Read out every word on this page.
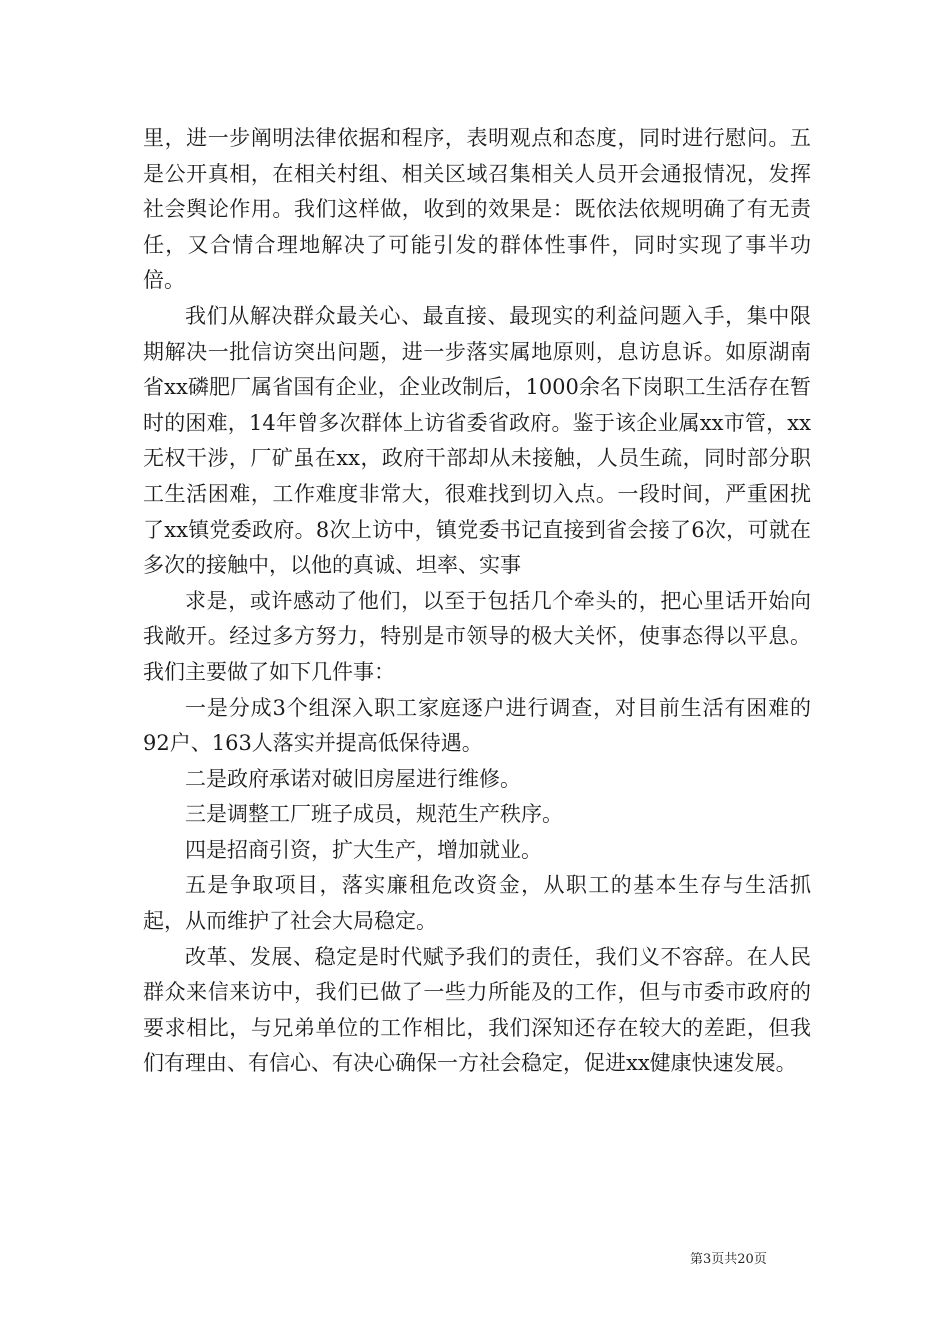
里，进一步阐明法律依据和程序，表明观点和态度，同时进行慰问。五是公开真相，在相关村组、相关区域召集相关人员开会通报情况，发挥社会舆论作用。我们这样做，收到的效果是：既依法依规明确了有无责任，又合情合理地解决了可能引发的群体性事件，同时实现了事半功倍。

我们从解决群众最关心、最直接、最现实的利益问题入手，集中限期解决一批信访突出问题，进一步落实属地原则，息访息诉。如原湖南省xx磷肥厂属省国有企业，企业改制后，1000余名下岗职工生活存在暂时的困难，14年曾多次群体上访省委省政府。鉴于该企业属xx市管，xx无权干涉，厂矿虽在xx，政府干部却从未接触，人员生疏，同时部分职工生活困难，工作难度非常大，很难找到切入点。一段时间，严重困扰了xx镇党委政府。8次上访中，镇党委书记直接到省会接了6次，可就在多次的接触中，以他的真诚、坦率、实事

求是，或许感动了他们，以至于包括几个牵头的，把心里话开始向我敞开。经过多方努力，特别是市领导的极大关怀，使事态得以平息。我们主要做了如下几件事：

一是分成3个组深入职工家庭逐户进行调查，对目前生活有困难的92户、163人落实并提高低保待遇。

二是政府承诺对破旧房屋进行维修。

三是调整工厂班子成员，规范生产秩序。

四是招商引资，扩大生产，增加就业。

五是争取项目，落实廉租危改资金，从职工的基本生存与生活抓起，从而维护了社会大局稳定。

改革、发展、稳定是时代赋予我们的责任，我们义不容辞。在人民群众来信来访中，我们已做了一些力所能及的工作，但与市委市政府的要求相比，与兄弟单位的工作相比，我们深知还存在较大的差距，但我们有理由、有信心、有决心确保一方社会稳定，促进xx健康快速发展。

第3页共20页
